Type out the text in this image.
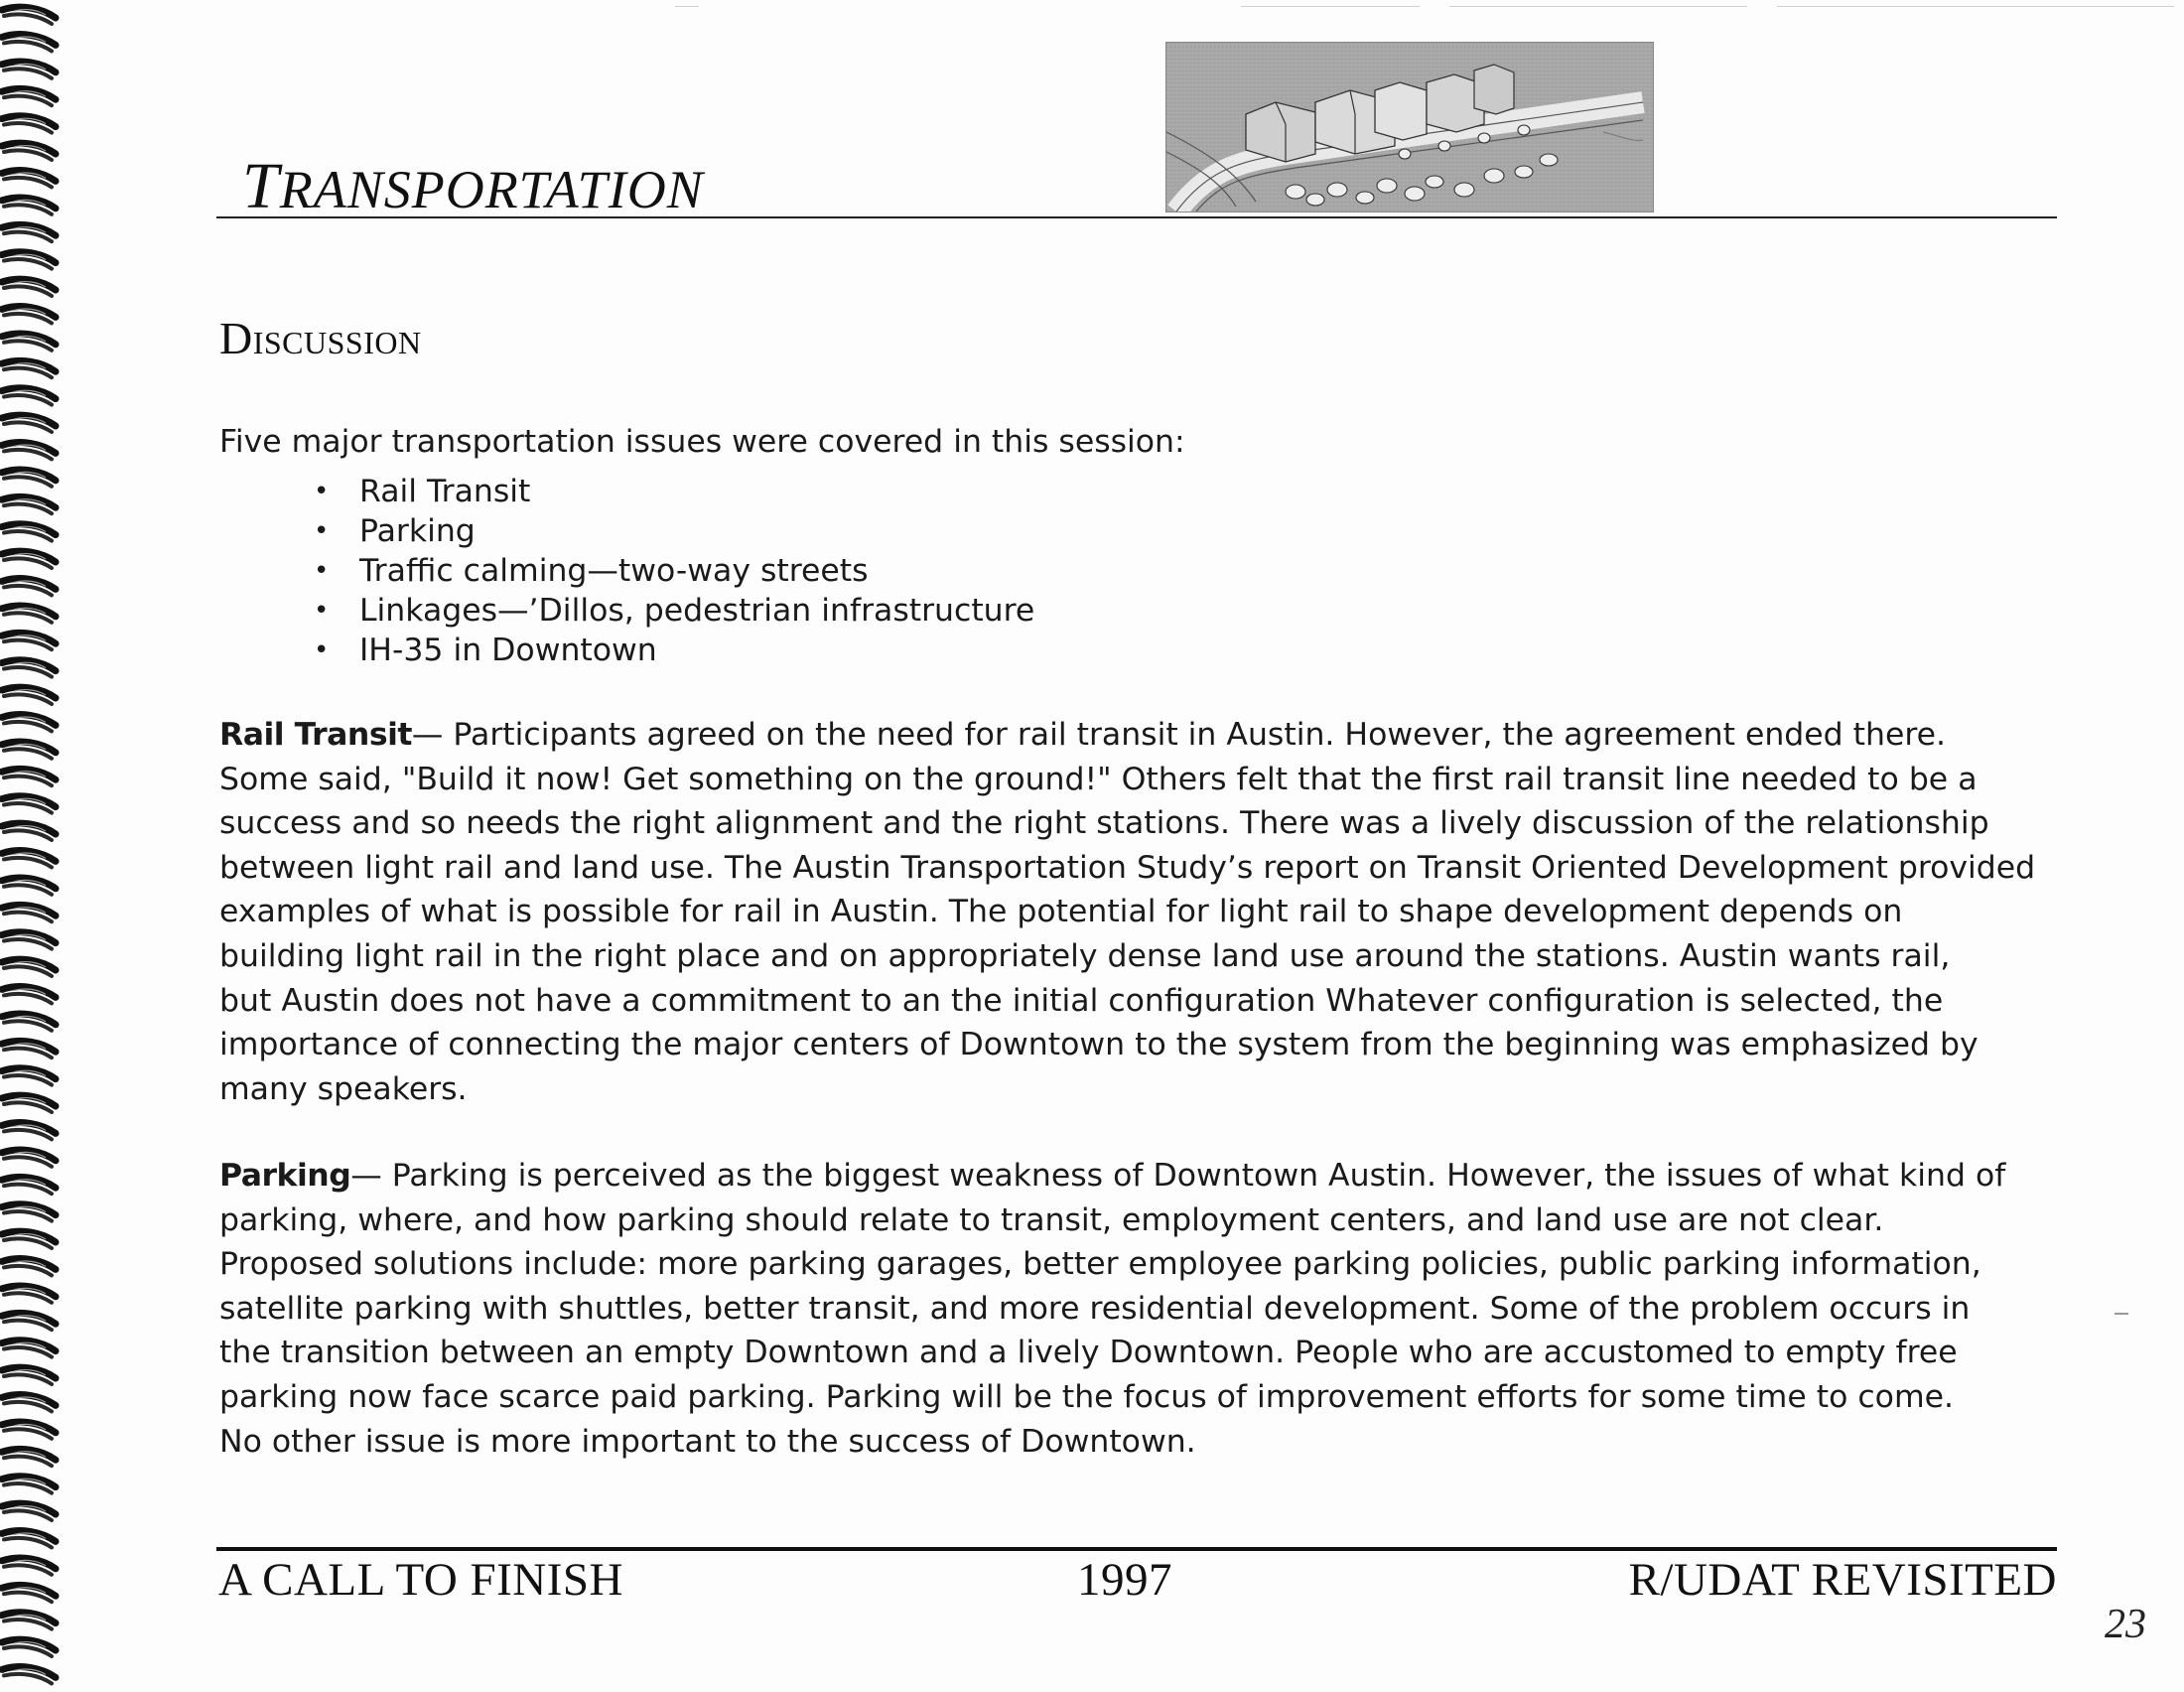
TRANSPORTATION
Discussion
Five major transportation issues were covered in this session:
• Rail Transit
• Parking
• Traffic calming—two-way streets
• Linkages—’Dillos, pedestrian infrastructure
• IH-35 in Downtown
Rail Transit— Participants agreed on the need for rail transit in Austin. However, the agreement ended there.
Some said, "Build it now! Get something on the ground!" Others felt that the first rail transit line needed to be a
success and so needs the right alignment and the right stations. There was a lively discussion of the relationship
between light rail and land use. The Austin Transportation Study’s report on Transit Oriented Development provided
examples of what is possible for rail in Austin. The potential for light rail to shape development depends on
building light rail in the right place and on appropriately dense land use around the stations. Austin wants rail,
but Austin does not have a commitment to an the initial configuration Whatever configuration is selected, the
importance of connecting the major centers of Downtown to the system from the beginning was emphasized by
many speakers.
Parking— Parking is perceived as the biggest weakness of Downtown Austin. However, the issues of what kind of
parking, where, and how parking should relate to transit, employment centers, and land use are not clear.
Proposed solutions include: more parking garages, better employee parking policies, public parking information,
satellite parking with shuttles, better transit, and more residential development. Some of the problem occurs in
the transition between an empty Downtown and a lively Downtown. People who are accustomed to empty free
parking now face scarce paid parking. Parking will be the focus of improvement efforts for some time to come.
No other issue is more important to the success of Downtown.
A CALL TO FINISH	1997	R/UDAT REVISITED
23
